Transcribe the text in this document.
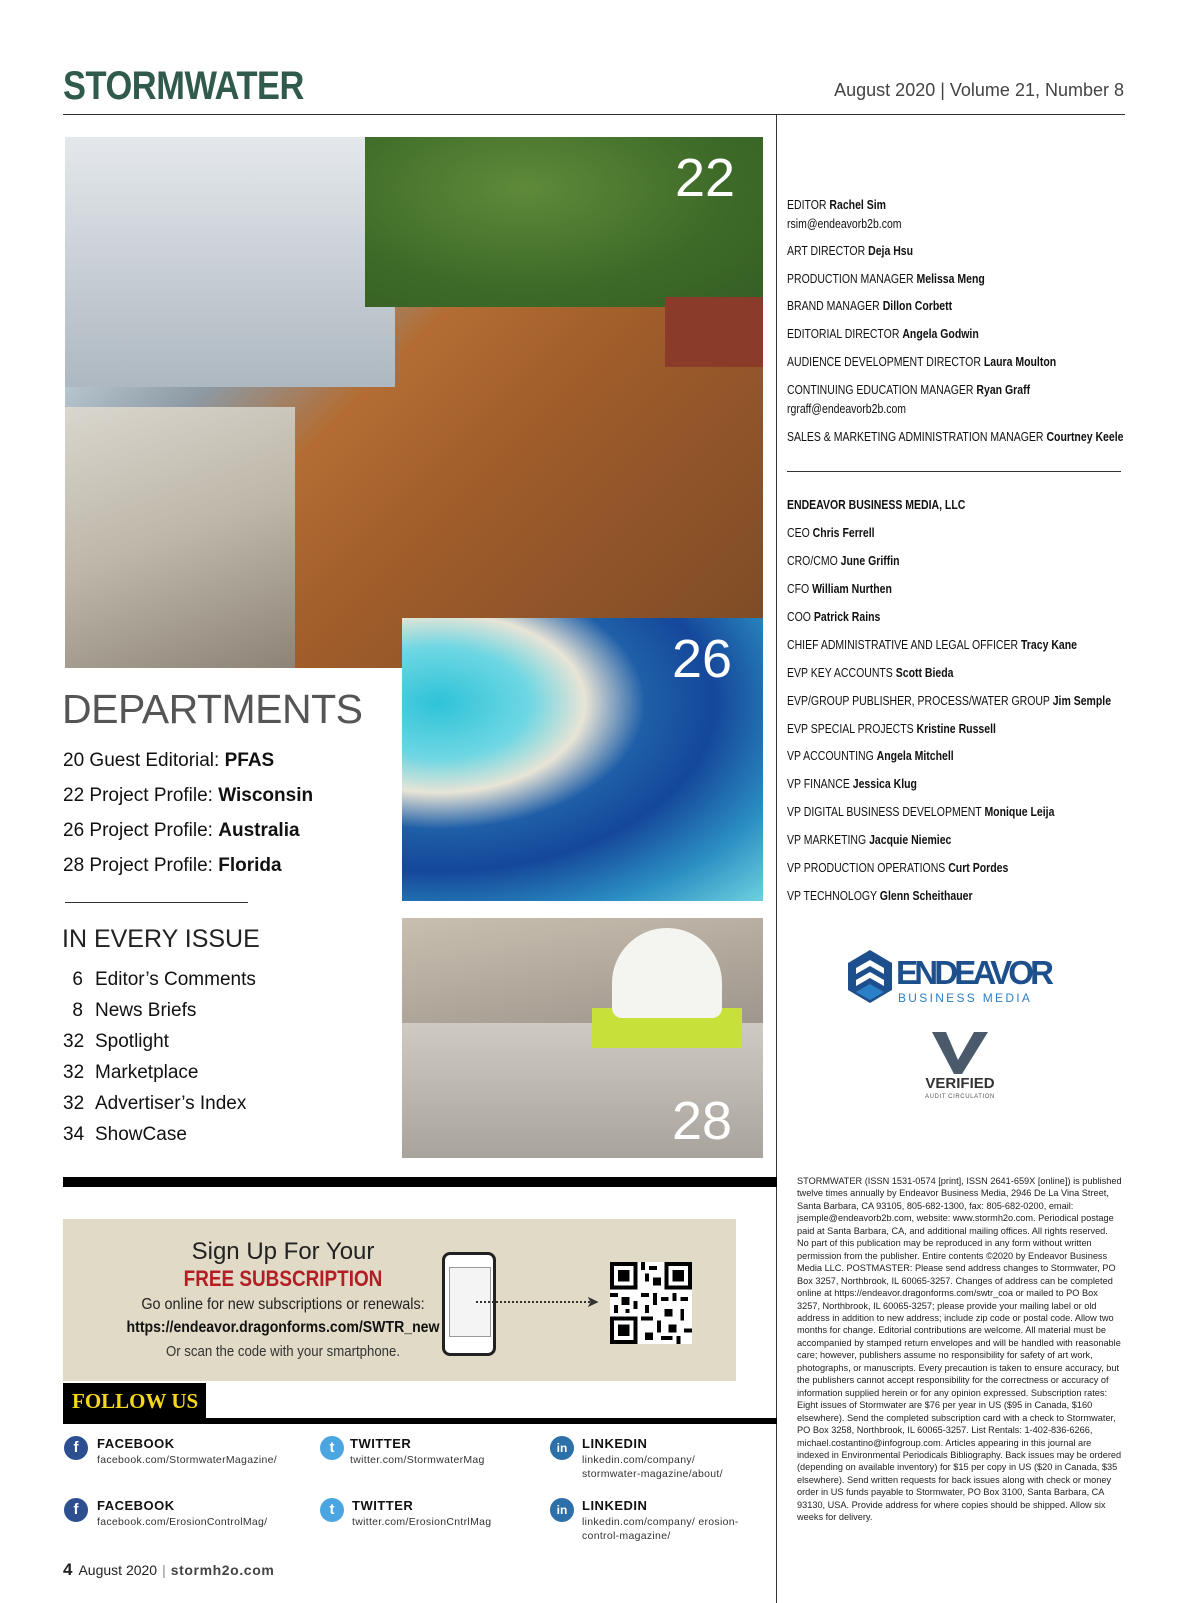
STORMWATER	August 2020 | Volume 21, Number 8
22
26
28
DEPARTMENTS
20 Guest Editorial: PFAS
22 Project Profile: Wisconsin
26 Project Profile: Australia
28 Project Profile: Florida
IN EVERY ISSUE
6 Editor’s Comments
8 News Briefs
32 Spotlight
32 Marketplace
32 Advertiser’s Index
34 ShowCase
EDITOR Rachel Sim
rsim@endeavorb2b.com
ART DIRECTOR Deja Hsu
PRODUCTION MANAGER Melissa Meng
BRAND MANAGER Dillon Corbett
EDITORIAL DIRECTOR Angela Godwin
AUDIENCE DEVELOPMENT DIRECTOR Laura Moulton
CONTINUING EDUCATION MANAGER Ryan Graff
rgraff@endeavorb2b.com
SALES & MARKETING ADMINISTRATION MANAGER Courtney Keele
ENDEAVOR BUSINESS MEDIA, LLC
CEO Chris Ferrell
CRO/CMO June Griffin
CFO William Nurthen
COO Patrick Rains
CHIEF ADMINISTRATIVE AND LEGAL OFFICER Tracy Kane
EVP KEY ACCOUNTS Scott Bieda
EVP/GROUP PUBLISHER, PROCESS/WATER GROUP Jim Semple
EVP SPECIAL PROJECTS Kristine Russell
VP ACCOUNTING Angela Mitchell
VP FINANCE Jessica Klug
VP DIGITAL BUSINESS DEVELOPMENT Monique Leija
VP MARKETING Jacquie Niemiec
VP PRODUCTION OPERATIONS Curt Pordes
VP TECHNOLOGY Glenn Scheithauer
ENDEAVOR
BUSINESS MEDIA
VERIFIED
AUDIT CIRCULATION
STORMWATER (ISSN 1531-0574 [print], ISSN 2641-659X [online]) is published twelve times annually by Endeavor Business Media, 2946 De La Vina Street, Santa Barbara, CA 93105, 805-682-1300, fax: 805-682-0200, email: jsemple@endeavorb2b.com, website: www.stormh2o.com. Periodical postage paid at Santa Barbara, CA, and additional mailing offices. All rights reserved. No part of this publication may be reproduced in any form without written permission from the publisher. Entire contents ©2020 by Endeavor Business Media LLC. POSTMASTER: Please send address changes to Stormwater, PO Box 3257, Northbrook, IL 60065-3257. Changes of address can be completed online at https://endeavor.dragonforms.com/swtr_coa or mailed to PO Box 3257, Northbrook, IL 60065-3257; please provide your mailing label or old address in addition to new address; include zip code or postal code. Allow two months for change. Editorial contributions are welcome. All material must be accompanied by stamped return envelopes and will be handled with reasonable care; however, publishers assume no responsibility for safety of art work, photographs, or manuscripts. Every precaution is taken to ensure accuracy, but the publishers cannot accept responsibility for the correctness or accuracy of information supplied herein or for any opinion expressed. Subscription rates: Eight issues of Stormwater are $76 per year in US ($95 in Canada, $160 elsewhere). Send the completed subscription card with a check to Stormwater, PO Box 3258, Northbrook, IL 60065-3257. List Rentals: 1-402-836-6266, michael.costantino@infogroup.com. Articles appearing in this journal are indexed in Environmental Periodicals Bibliography. Back issues may be ordered (depending on available inventory) for $15 per copy in US ($20 in Canada, $35 elsewhere). Send written requests for back issues along with check or money order in US funds payable to Stormwater, PO Box 3100, Santa Barbara, CA 93130, USA. Provide address for where copies should be shipped. Allow six weeks for delivery.
Sign Up For Your
FREE SUBSCRIPTION
Go online for new subscriptions or renewals:
https://endeavor.dragonforms.com/SWTR_new
Or scan the code with your smartphone.
➤
FOLLOW US
f	FACEBOOK
facebook.com/StormwaterMagazine/
t	TWITTER
twitter.com/StormwaterMag
in	LINKEDIN
linkedin.com/company/ stormwater-magazine/about/
f	FACEBOOK
facebook.com/ErosionControlMag/
t	TWITTER
twitter.com/ErosionCntrlMag
in	LINKEDIN
linkedin.com/company/ erosion-control-magazine/
4 August 2020 | stormh2o.com
